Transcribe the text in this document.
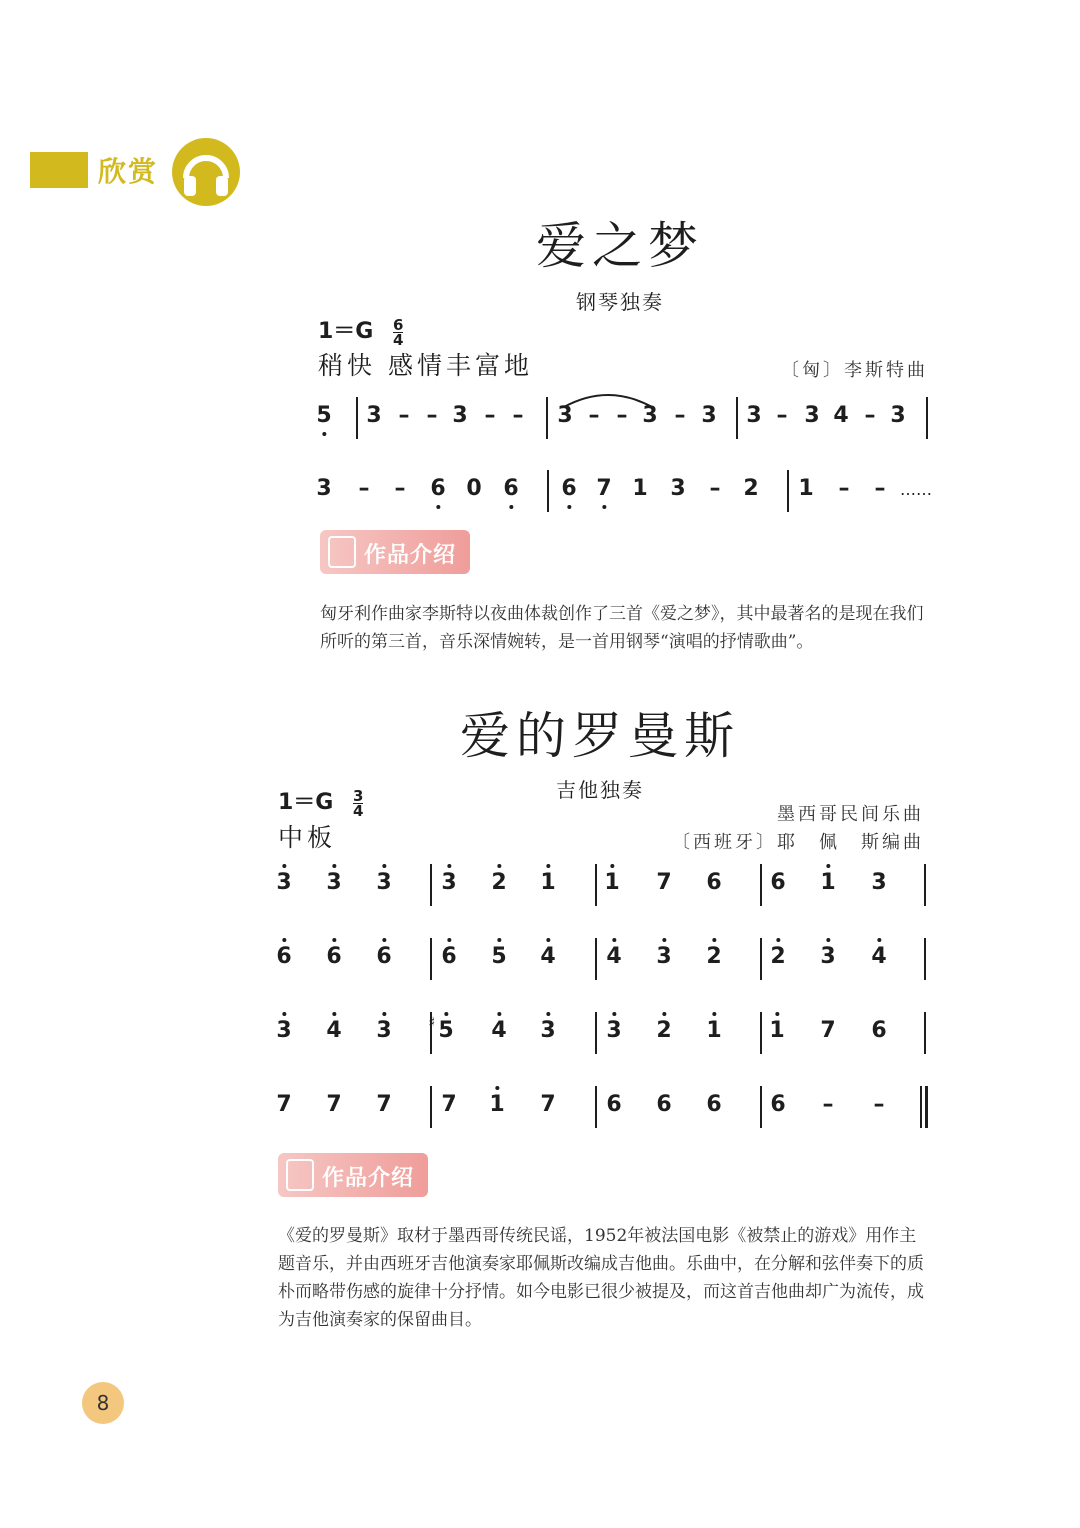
欣赏
爱之梦
钢琴独奏
$1=G \frac{6}{4}$
稍快 感情丰富地	〔匈〕李斯特曲
5 3 – – 3 – – 3 – – 3 – 3 3 – 3 4 – 3
3 – – 6 0 6 6 7 1 3 – 2 1 – – ……
作品介绍
匈牙利作曲家李斯特以夜曲体裁创作了三首《爱之梦》，其中最著名的是现在我们所听的第三首，音乐深情婉转，是一首用钢琴“演唱的抒情歌曲”。
爱的罗曼斯
吉他独奏
$1=G \frac{3}{4}$	墨西哥民间乐曲
中板	〔西班牙〕耶　佩　斯编曲
3 3 3 3 2 1 1 7 6 6 1 3
6 6 6 6 5 4 4 3 2 2 3 4
3 4 3 5
♯	4 3 3 2 1 1 7 6
7 7 7 7 1 7 6 6 6 6 – –
作品介绍
《爱的罗曼斯》取材于墨西哥传统民谣，1952年被法国电影《被禁止的游戏》用作主题音乐，并由西班牙吉他演奏家耶佩斯改编成吉他曲。乐曲中，在分解和弦伴奏下的质朴而略带伤感的旋律十分抒情。如今电影已很少被提及，而这首吉他曲却广为流传，成为吉他演奏家的保留曲目。
8
